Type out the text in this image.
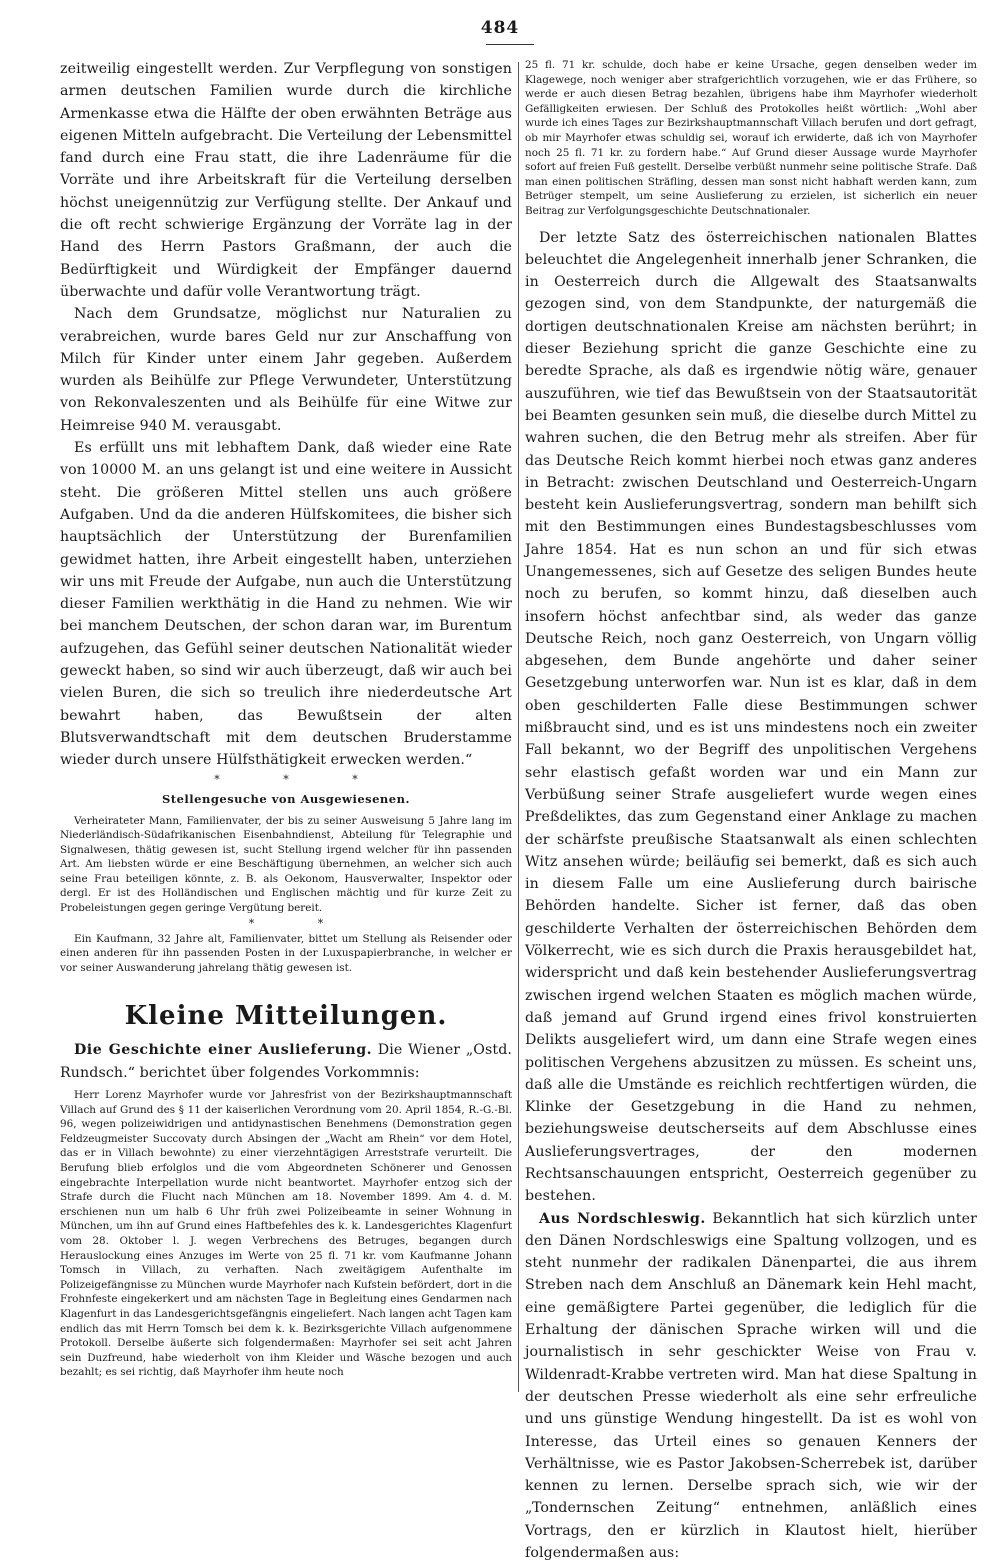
484

zeitweilig eingestellt werden. Zur Verpflegung von sonstigen armen deutschen Familien wurde durch die kirchliche Armenkasse etwa die Hälfte der oben erwähnten Beträge aus eigenen Mitteln aufgebracht. Die Verteilung der Lebensmittel fand durch eine Frau statt, die ihre Ladenräume für die Vorräte und ihre Arbeitskraft für die Verteilung derselben höchst uneigennützig zur Verfügung stellte. Der Ankauf und die oft recht schwierige Ergänzung der Vorräte lag in der Hand des Herrn Pastors Graßmann, der auch die Bedürftigkeit und Würdigkeit der Empfänger dauernd überwachte und dafür volle Verantwortung trägt.

Nach dem Grundsatze, möglichst nur Naturalien zu verabreichen, wurde bares Geld nur zur Anschaffung von Milch für Kinder unter einem Jahr gegeben. Außerdem wurden als Beihülfe zur Pflege Verwundeter, Unterstützung von Rekonvaleszenten und als Beihülfe für eine Witwe zur Heimreise 940 M. verausgabt.

Es erfüllt uns mit lebhaftem Dank, daß wieder eine Rate von 10000 M. an uns gelangt ist und eine weitere in Aussicht steht. Die größeren Mittel stellen uns auch größere Aufgaben. Und da die anderen Hülfskomitees, die bisher sich hauptsächlich der Unterstützung der Burenfamilien gewidmet hatten, ihre Arbeit eingestellt haben, unterziehen wir uns mit Freude der Aufgabe, nun auch die Unterstützung dieser Familien werkthätig in die Hand zu nehmen. Wie wir bei manchem Deutschen, der schon daran war, im Burentum aufzugehen, das Gefühl seiner deutschen Nationalität wieder geweckt haben, so sind wir auch überzeugt, daß wir auch bei vielen Buren, die sich so treulich ihre niederdeutsche Art bewahrt haben, das Bewußtsein der alten Blutsverwandtschaft mit dem deutschen Bruderstamme wieder durch unsere Hülfsthätigkeit erwecken werden.“

* * *
Stellengesuche von Ausgewiesenen.

Verheirateter Mann, Familienvater, der bis zu seiner Ausweisung 5 Jahre lang im Niederländisch-Südafrikanischen Eisenbahndienst, Abteilung für Telegraphie und Signalwesen, thätig gewesen ist, sucht Stellung irgend welcher für ihn passenden Art. Am liebsten würde er eine Beschäftigung übernehmen, an welcher sich auch seine Frau beteiligen könnte, z. B. als Oekonom, Hausverwalter, Inspektor oder dergl. Er ist des Holländischen und Englischen mächtig und für kurze Zeit zu Probeleistungen gegen geringe Vergütung bereit.

* *

Ein Kaufmann, 32 Jahre alt, Familienvater, bittet um Stellung als Reisender oder einen anderen für ihn passenden Posten in der Luxuspapierbranche, in welcher er vor seiner Auswanderung jahrelang thätig gewesen ist.

Kleine Mitteilungen.

Die Geschichte einer Auslieferung. Die Wiener „Ostd. Rundsch.“ berichtet über folgendes Vorkommnis:

Herr Lorenz Mayrhofer wurde vor Jahresfrist von der Bezirkshauptmannschaft Villach auf Grund des § 11 der kaiserlichen Verordnung vom 20. April 1854, R.-G.-Bl. 96, wegen polizeiwidrigen und antidynastischen Benehmens (Demonstration gegen Feldzeugmeister Succovaty durch Absingen der „Wacht am Rhein“ vor dem Hotel, das er in Villach bewohnte) zu einer vierzehntägigen Arreststrafe verurteilt. Die Berufung blieb erfolglos und die vom Abgeordneten Schönerer und Genossen eingebrachte Interpellation wurde nicht beantwortet. Mayrhofer entzog sich der Strafe durch die Flucht nach München am 18. November 1899. Am 4. d. M. erschienen nun um halb 6 Uhr früh zwei Polizeibeamte in seiner Wohnung in München, um ihn auf Grund eines Haftbefehles des k. k. Landesgerichtes Klagenfurt vom 28. Oktober l. J. wegen Verbrechens des Betruges, begangen durch Herauslockung eines Anzuges im Werte von 25 fl. 71 kr. vom Kaufmanne Johann Tomsch in Villach, zu verhaften. Nach zweitägigem Aufenthalte im Polizeigefängnisse zu München wurde Mayrhofer nach Kufstein befördert, dort in die Frohnfeste eingekerkert und am nächsten Tage in Begleitung eines Gendarmen nach Klagenfurt in das Landesgerichtsgefängnis eingeliefert. Nach langen acht Tagen kam endlich das mit Herrn Tomsch bei dem k. k. Bezirksgerichte Villach aufgenommene Protokoll. Derselbe äußerte sich folgendermaßen: Mayrhofer sei seit acht Jahren sein Duzfreund, habe wiederholt von ihm Kleider und Wäsche bezogen und auch bezahlt; es sei richtig, daß Mayrhofer ihm heute noch

25 fl. 71 kr. schulde, doch habe er keine Ursache, gegen denselben weder im Klagewege, noch weniger aber strafgerichtlich vorzugehen, wie er das Frühere, so werde er auch diesen Betrag bezahlen, übrigens habe ihm Mayrhofer wiederholt Gefälligkeiten erwiesen. Der Schluß des Protokolles heißt wörtlich: „Wohl aber wurde ich eines Tages zur Bezirkshauptmannschaft Villach berufen und dort gefragt, ob mir Mayrhofer etwas schuldig sei, worauf ich erwiderte, daß ich von Mayrhofer noch 25 fl. 71 kr. zu fordern habe.“ Auf Grund dieser Aussage wurde Mayrhofer sofort auf freien Fuß gestellt. Derselbe verbüßt nunmehr seine politische Strafe. Daß man einen politischen Sträfling, dessen man sonst nicht habhaft werden kann, zum Betrüger stempelt, um seine Auslieferung zu erzielen, ist sicherlich ein neuer Beitrag zur Verfolgungsgeschichte Deutschnationaler.

Der letzte Satz des österreichischen nationalen Blattes beleuchtet die Angelegenheit innerhalb jener Schranken, die in Oesterreich durch die Allgewalt des Staatsanwalts gezogen sind, von dem Standpunkte, der naturgemäß die dortigen deutschnationalen Kreise am nächsten berührt; in dieser Beziehung spricht die ganze Geschichte eine zu beredte Sprache, als daß es irgendwie nötig wäre, genauer auszuführen, wie tief das Bewußtsein von der Staatsautorität bei Beamten gesunken sein muß, die dieselbe durch Mittel zu wahren suchen, die den Betrug mehr als streifen. Aber für das Deutsche Reich kommt hierbei noch etwas ganz anderes in Betracht: zwischen Deutschland und Oesterreich-Ungarn besteht kein Auslieferungsvertrag, sondern man behilft sich mit den Bestimmungen eines Bundestagsbeschlusses vom Jahre 1854. Hat es nun schon an und für sich etwas Unangemessenes, sich auf Gesetze des seligen Bundes heute noch zu berufen, so kommt hinzu, daß dieselben auch insofern höchst anfechtbar sind, als weder das ganze Deutsche Reich, noch ganz Oesterreich, von Ungarn völlig abgesehen, dem Bunde angehörte und daher seiner Gesetzgebung unterworfen war. Nun ist es klar, daß in dem oben geschilderten Falle diese Bestimmungen schwer mißbraucht sind, und es ist uns mindestens noch ein zweiter Fall bekannt, wo der Begriff des unpolitischen Vergehens sehr elastisch gefaßt worden war und ein Mann zur Verbüßung seiner Strafe ausgeliefert wurde wegen eines Preßdeliktes, das zum Gegenstand einer Anklage zu machen der schärfste preußische Staatsanwalt als einen schlechten Witz ansehen würde; beiläufig sei bemerkt, daß es sich auch in diesem Falle um eine Auslieferung durch bairische Behörden handelte. Sicher ist ferner, daß das oben geschilderte Verhalten der österreichischen Behörden dem Völkerrecht, wie es sich durch die Praxis herausgebildet hat, widerspricht und daß kein bestehender Auslieferungsvertrag zwischen irgend welchen Staaten es möglich machen würde, daß jemand auf Grund irgend eines frivol konstruierten Delikts ausgeliefert wird, um dann eine Strafe wegen eines politischen Vergehens abzusitzen zu müssen. Es scheint uns, daß alle die Umstände es reichlich rechtfertigen würden, die Klinke der Gesetzgebung in die Hand zu nehmen, beziehungsweise deutscherseits auf dem Abschlusse eines Auslieferungsvertrages, der den modernen Rechtsanschauungen entspricht, Oesterreich gegenüber zu bestehen.

Aus Nordschleswig. Bekanntlich hat sich kürzlich unter den Dänen Nordschleswigs eine Spaltung vollzogen, und es steht nunmehr der radikalen Dänenpartei, die aus ihrem Streben nach dem Anschluß an Dänemark kein Hehl macht, eine gemäßigtere Partei gegenüber, die lediglich für die Erhaltung der dänischen Sprache wirken will und die journalistisch in sehr geschickter Weise von Frau v. Wildenradt-Krabbe vertreten wird. Man hat diese Spaltung in der deutschen Presse wiederholt als eine sehr erfreuliche und uns günstige Wendung hingestellt. Da ist es wohl von Interesse, das Urteil eines so genauen Kenners der Verhältnisse, wie es Pastor Jakobsen-Scherrebek ist, darüber kennen zu lernen. Derselbe sprach sich, wie wir der „Tondernschen Zeitung“ entnehmen, anläßlich eines Vortrags, den er kürzlich in Klautost hielt, hierüber folgendermaßen aus:
